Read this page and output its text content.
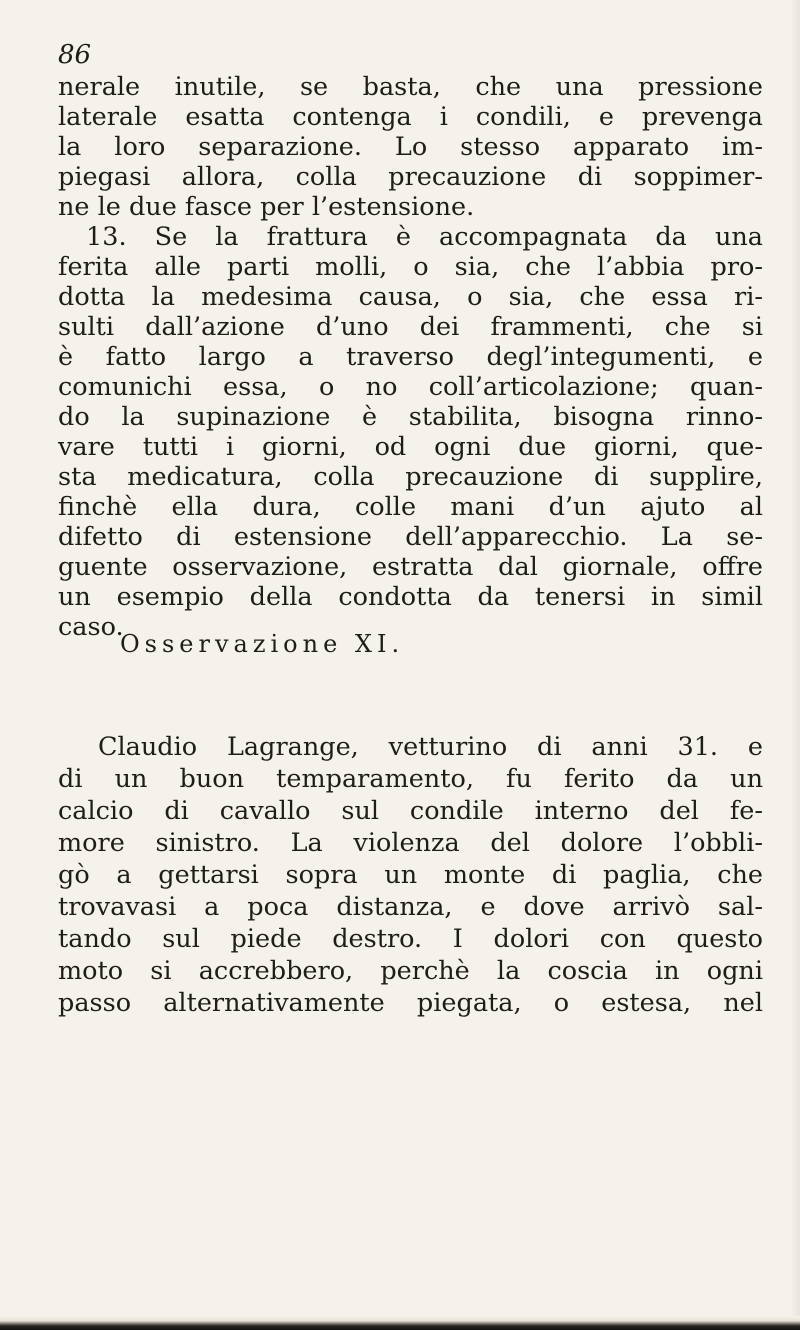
86
nerale inutile, se basta, che una pressione
laterale esatta contenga i condili, e prevenga
la loro separazione. Lo stesso apparato im-
piegasi allora, colla precauzione di soppimer-
ne le due fasce per l’estensione.
13. Se la frattura è accompagnata da una
ferita alle parti molli, o sia, che l’abbia pro-
dotta la medesima causa, o sia, che essa ri-
sulti dall’azione d’uno dei frammenti, che si
è fatto largo a traverso degl’integumenti, e
comunichi essa, o no coll’articolazione; quan-
do la supinazione è stabilita, bisogna rinno-
vare tutti i giorni, od ogni due giorni, que-
sta medicatura, colla precauzione di supplire,
finchè ella dura, colle mani d’un ajuto al
difetto di estensione dell’apparecchio. La se-
guente osservazione, estratta dal giornale, offre
un esempio della condotta da tenersi in simil
caso.
Osservazione XI.
Claudio Lagrange, vetturino di anni 31. e
di un buon temparamento, fu ferito da un
calcio di cavallo sul condile interno del fe-
more sinistro. La violenza del dolore l’obbli-
gò a gettarsi sopra un monte di paglia, che
trovavasi a poca distanza, e dove arrivò sal-
tando sul piede destro. I dolori con questo
moto si accrebbero, perchè la coscia in ogni
passo alternativamente piegata, o estesa, nel
